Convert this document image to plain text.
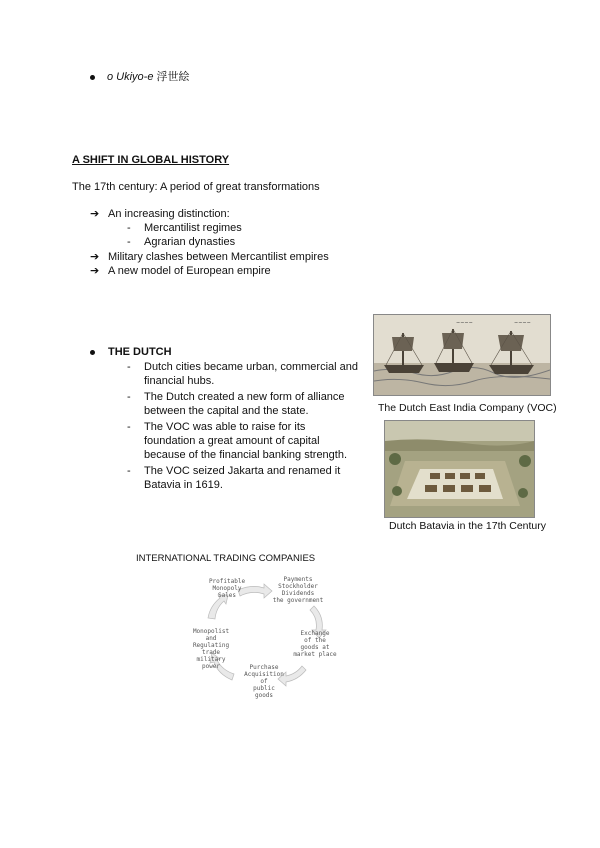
o Ukiyo-e 浮世絵
A SHIFT IN GLOBAL HISTORY
The 17th century: A period of great transformations
➔ An increasing distinction:
- Mercantilist regimes
- Agrarian dynasties
➔ Military clashes between Mercantilist empires
➔ A new model of European empire
THE DUTCH
- Dutch cities became urban, commercial and
financial hubs.
- The Dutch created a new form of alliance
between the capital and the state.
- The VOC was able to raise for its
foundation a great amount of capital
because of the financial banking strength.
- The VOC seized Jakarta and renamed it
Batavia in 1619.
~~~~	~~~~
The Dutch East India Company (VOC)
Dutch Batavia in the 17th Century
INTERNATIONAL TRADING COMPANIES
Profitable
Monopoly
Sales
Payments
Stockholder
Dividends
the government
Exchange
of the
goods at
market place
Purchase
Acquisition
of
public
goods
Monopolist
and
Regulating
trade
military
power
